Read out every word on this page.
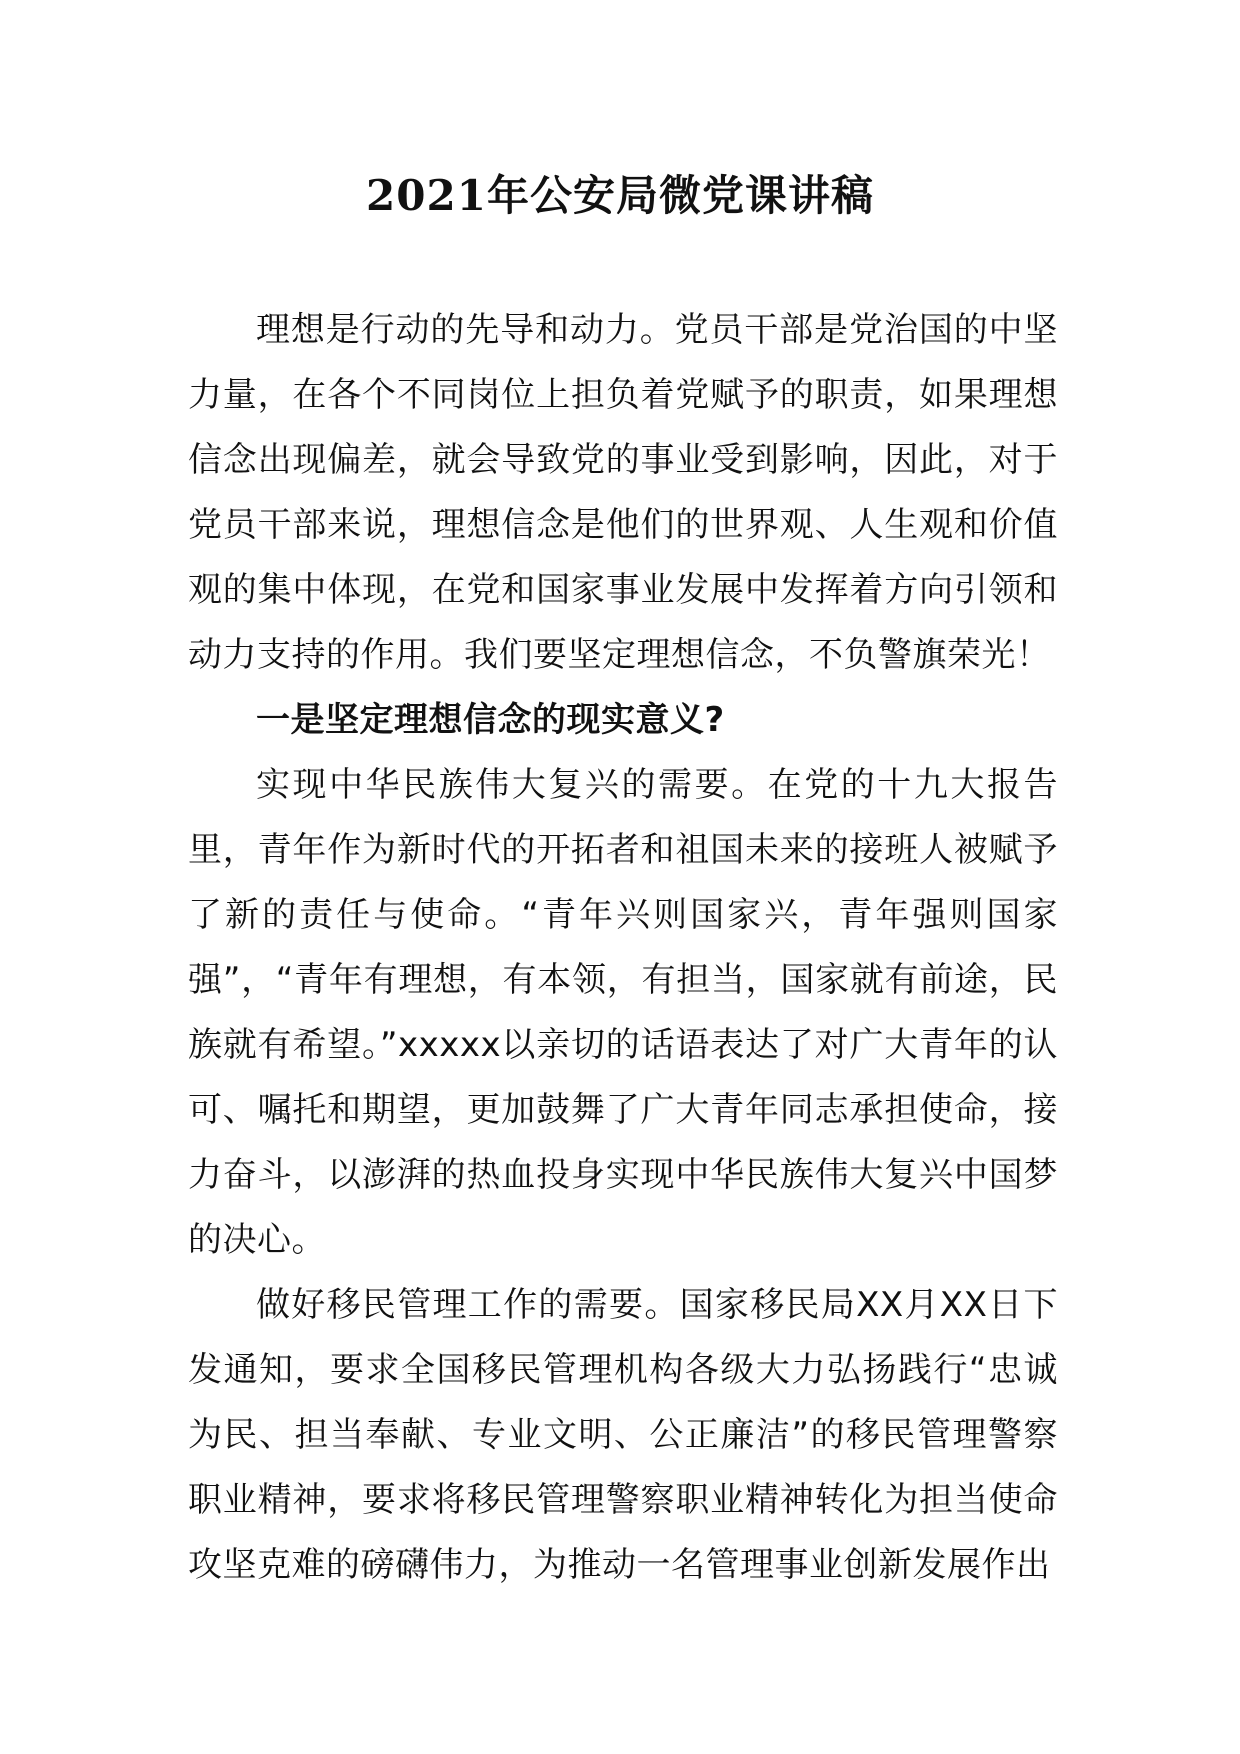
2021年公安局微党课讲稿

理想是行动的先导和动力。党员干部是党治国的中坚力量，在各个不同岗位上担负着党赋予的职责，如果理想信念出现偏差，就会导致党的事业受到影响，因此，对于党员干部来说，理想信念是他们的世界观、人生观和价值观的集中体现，在党和国家事业发展中发挥着方向引领和动力支持的作用。我们要坚定理想信念，不负警旗荣光！

一是坚定理想信念的现实意义?

实现中华民族伟大复兴的需要。在党的十九大报告里，青年作为新时代的开拓者和祖国未来的接班人被赋予了新的责任与使命。“青年兴则国家兴，青年强则国家强”，“青年有理想，有本领，有担当，国家就有前途，民族就有希望。”xxxxx以亲切的话语表达了对广大青年的认可、嘱托和期望，更加鼓舞了广大青年同志承担使命，接力奋斗，以澎湃的热血投身实现中华民族伟大复兴中国梦的决心。

做好移民管理工作的需要。国家移民局XX月XX日下发通知，要求全国移民管理机构各级大力弘扬践行“忠诚为民、担当奉献、专业文明、公正廉洁”的移民管理警察职业精神，要求将移民管理警察职业精神转化为担当使命攻坚克难的磅礴伟力，为推动一名管理事业创新发展作出
